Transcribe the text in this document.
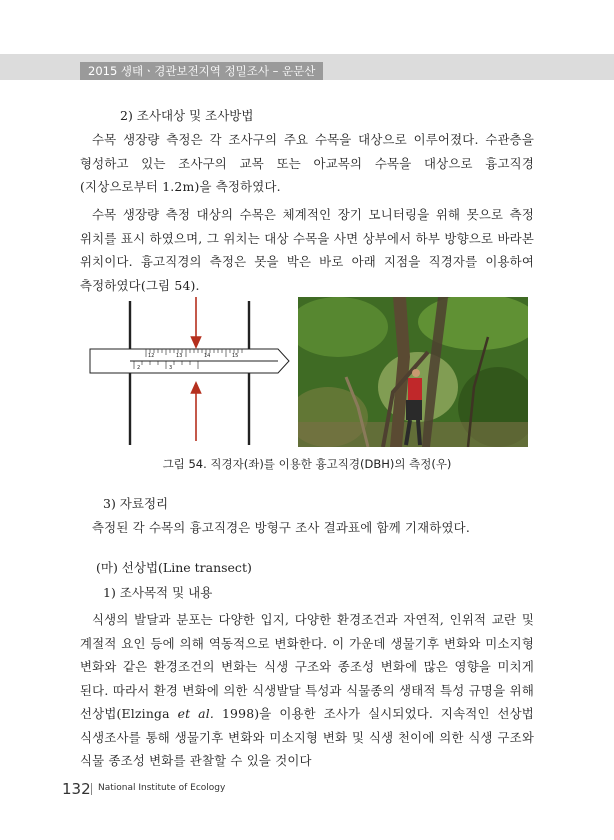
2015 생태ㆍ경관보전지역 정밀조사 – 운문산
2) 조사대상 및 조사방법
수목 생장량 측정은 각 조사구의 주요 수목을 대상으로 이루어졌다. 수관층을 형성하고 있는 조사구의 교목 또는 아교목의 수목을 대상으로 흉고직경(지상으로부터 1.2m)을 측정하였다.
수목 생장량 측정 대상의 수목은 체계적인 장기 모니터링을 위해 못으로 측정 위치를 표시 하였으며, 그 위치는 대상 수목을 사면 상부에서 하부 방향으로 바라본 위치이다. 흉고직경의 측정은 못을 박은 바로 아래 지점을 직경자를 이용하여 측정하였다(그림 54).
12	13	14	15
2	3
그림 54. 직경자(좌)를 이용한 흉고직경(DBH)의 측정(우)
3) 자료정리
측정된 각 수목의 흉고직경은 방형구 조사 결과표에 함께 기재하였다.
(마) 선상법(Line transect)
1) 조사목적 및 내용
식생의 발달과 분포는 다양한 입지, 다양한 환경조건과 자연적, 인위적 교란 및 계절적 요인 등에 의해 역동적으로 변화한다. 이 가운데 생물기후 변화와 미소지형 변화와 같은 환경조건의 변화는 식생 구조와 종조성 변화에 많은 영향을 미치게 된다. 따라서 환경 변화에 의한 식생발달 특성과 식물종의 생태적 특성 규명을 위해 선상법(Elzinga et al. 1998)을 이용한 조사가 실시되었다. 지속적인 선상법 식생조사를 통해 생물기후 변화와 미소지형 변화 및 식생 천이에 의한 식생 구조와 식물 종조성 변화를 관찰할 수 있을 것이다
132 National Institute of Ecology
